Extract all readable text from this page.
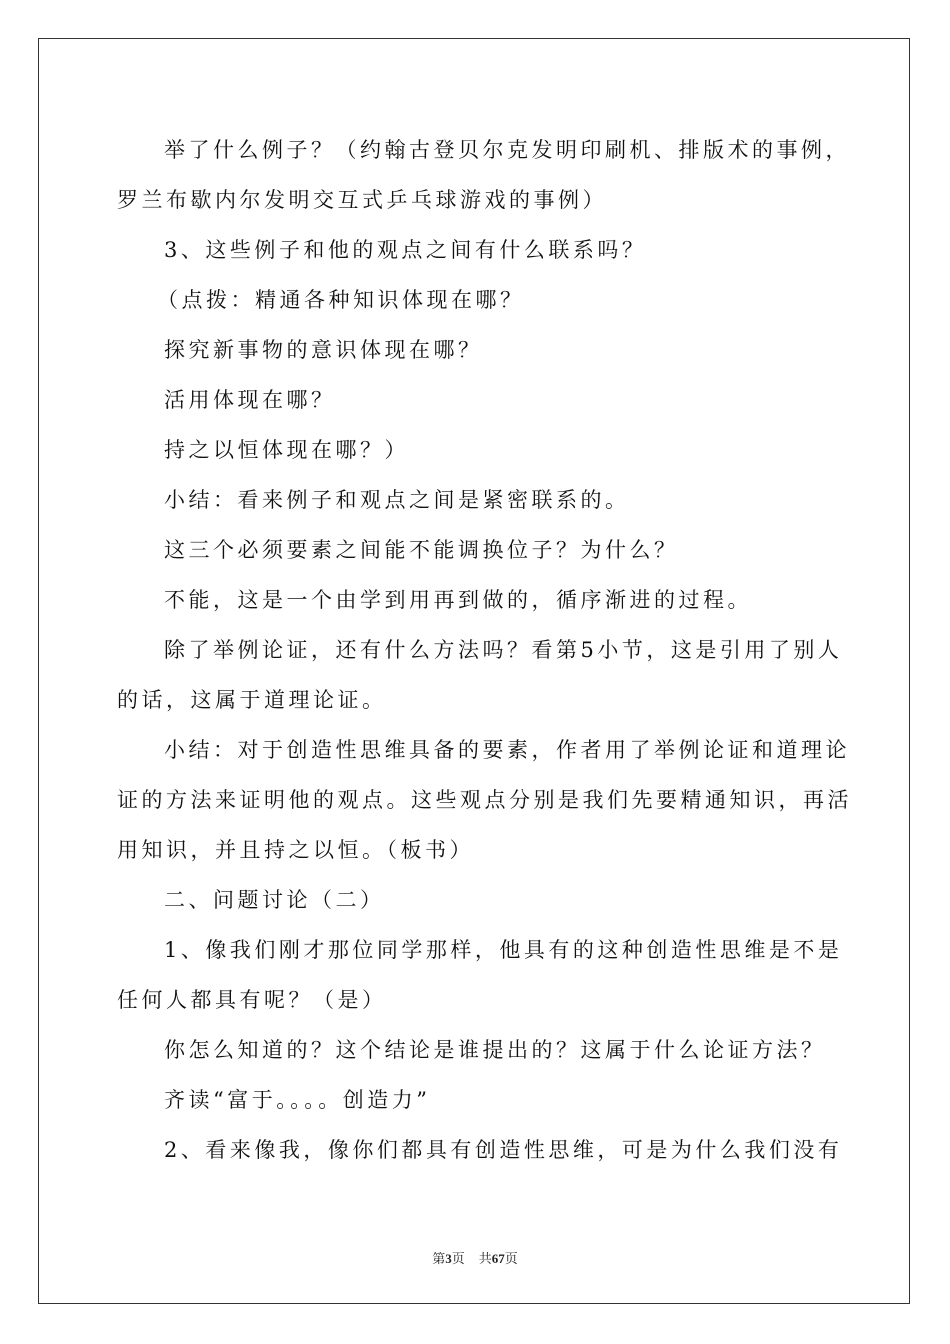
举了什么例子？（约翰古登贝尔克发明印刷机、排版术的事例，
罗兰布歇内尔发明交互式乒乓球游戏的事例）
3、这些例子和他的观点之间有什么联系吗？
（点拨：精通各种知识体现在哪？
探究新事物的意识体现在哪？
活用体现在哪？
持之以恒体现在哪？）
小结：看来例子和观点之间是紧密联系的。
这三个必须要素之间能不能调换位子？为什么？
不能，这是一个由学到用再到做的，循序渐进的过程。
除了举例论证，还有什么方法吗？看第5小节，这是引用了别人
的话，这属于道理论证。
小结：对于创造性思维具备的要素，作者用了举例论证和道理论
证的方法来证明他的观点。这些观点分别是我们先要精通知识，再活
用知识，并且持之以恒。（板书）
二、问题讨论（二）
1、像我们刚才那位同学那样，他具有的这种创造性思维是不是
任何人都具有呢？（是）
你怎么知道的？这个结论是谁提出的？这属于什么论证方法？
齐读“富于。。。。创造力”
2、看来像我，像你们都具有创造性思维，可是为什么我们没有
第3页 共67页
